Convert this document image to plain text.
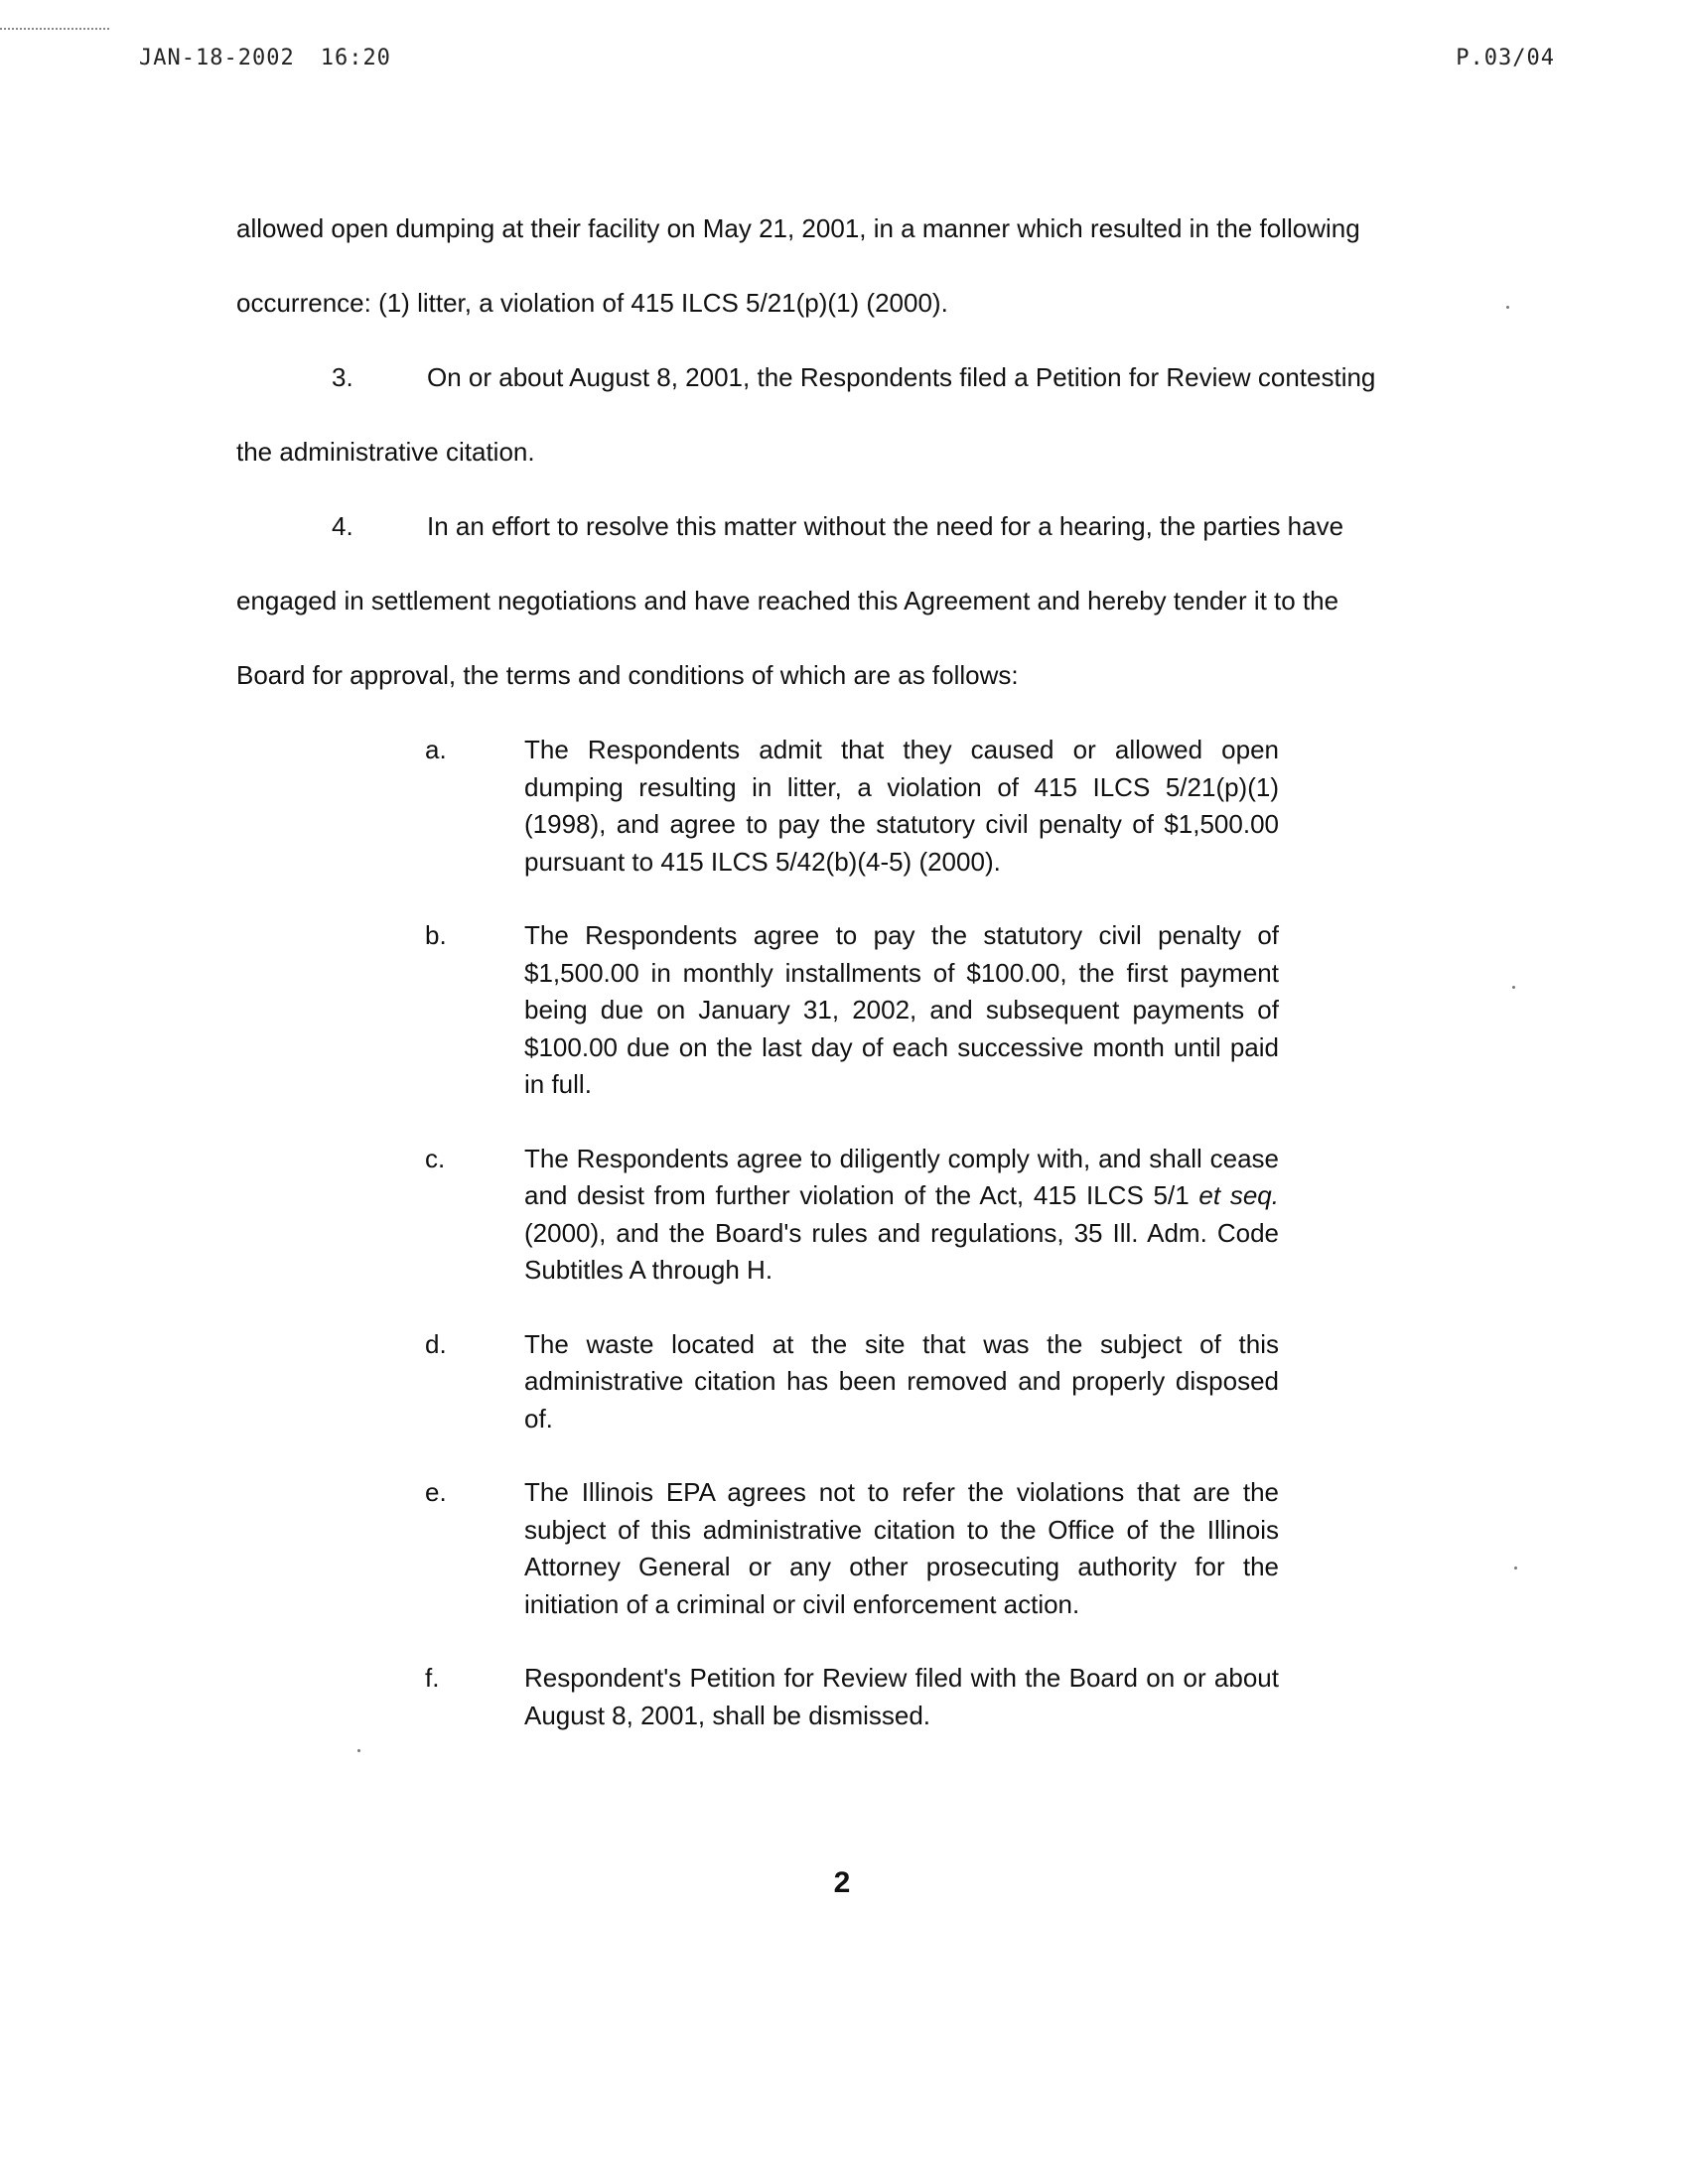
JAN-18-2002 16:20	P.03/04

allowed open dumping at their facility on May 21, 2001, in a manner which resulted in the following

occurrence: (1) litter, a violation of 415 ILCS 5/21(p)(1) (2000).

3.	On or about August 8, 2001, the Respondents filed a Petition for Review contesting

the administrative citation.

4.	In an effort to resolve this matter without the need for a hearing, the parties have

engaged in settlement negotiations and have reached this Agreement and hereby tender it to the

Board for approval, the terms and conditions of which are as follows:

a.	The Respondents admit that they caused or allowed open dumping resulting in litter, a violation of 415 ILCS 5/21(p)(1) (1998), and agree to pay the statutory civil penalty of $1,500.00 pursuant to 415 ILCS 5/42(b)(4-5) (2000).
b.	The Respondents agree to pay the statutory civil penalty of $1,500.00 in monthly installments of $100.00, the first payment being due on January 31, 2002, and subsequent payments of $100.00 due on the last day of each successive month until paid in full.
c.	The Respondents agree to diligently comply with, and shall cease and desist from further violation of the Act, 415 ILCS 5/1 et seq. (2000), and the Board's rules and regulations, 35 Ill. Adm. Code Subtitles A through H.
d.	The waste located at the site that was the subject of this administrative citation has been removed and properly disposed of.
e.	The Illinois EPA agrees not to refer the violations that are the subject of this administrative citation to the Office of the Illinois Attorney General or any other prosecuting authority for the initiation of a criminal or civil enforcement action.
f.	Respondent's Petition for Review filed with the Board on or about August 8, 2001, shall be dismissed.
2
